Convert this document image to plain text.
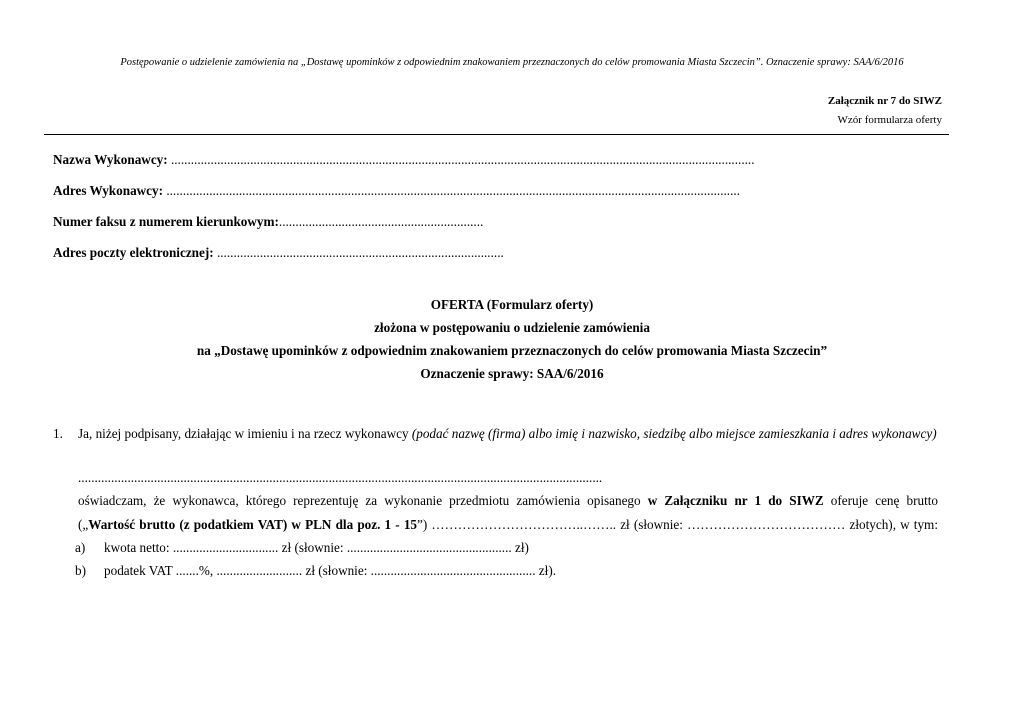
Postępowanie o udzielenie zamówienia na „Dostawę upominków z odpowiednim znakowaniem przeznaczonych do celów promowania Miasta Szczecin”. Oznaczenie sprawy: SAA/6/2016
Załącznik nr 7 do SIWZ
Wzór formularza oferty
Nazwa Wykonawcy: .................................................................................................................................................................................
Adres Wykonawcy: ..............................................................................................................................................................................
Numer faksu z numerem kierunkowym:..............................................................
Adres poczty elektronicznej: .......................................................................................
OFERTA (Formularz oferty)
złożona w postępowaniu o udzielenie zamówienia
na „Dostawę upominków z odpowiednim znakowaniem przeznaczonych do celów promowania Miasta Szczecin”
Oznaczenie sprawy: SAA/6/2016
1. Ja, niżej podpisany, działając w imieniu i na rzecz wykonawcy (podać nazwę (firma) albo imię i nazwisko, siedzibę albo miejsce zamieszkania i adres wykonawcy)
...............................................................................................................................................................
oświadczam, że wykonawca, którego reprezentuję za wykonanie przedmiotu zamówienia opisanego w Załączniku nr 1 do SIWZ oferuje cenę brutto
(„Wartość brutto (z podatkiem VAT) w PLN dla poz. 1 - 15”) ……………………………..…….. zł (słownie: ……………………………… złotych), w tym:
a) kwota netto: ................................ zł (słownie: .................................................. zł)
b) podatek VAT .......%, .......................... zł (słownie: .................................................. zł).
